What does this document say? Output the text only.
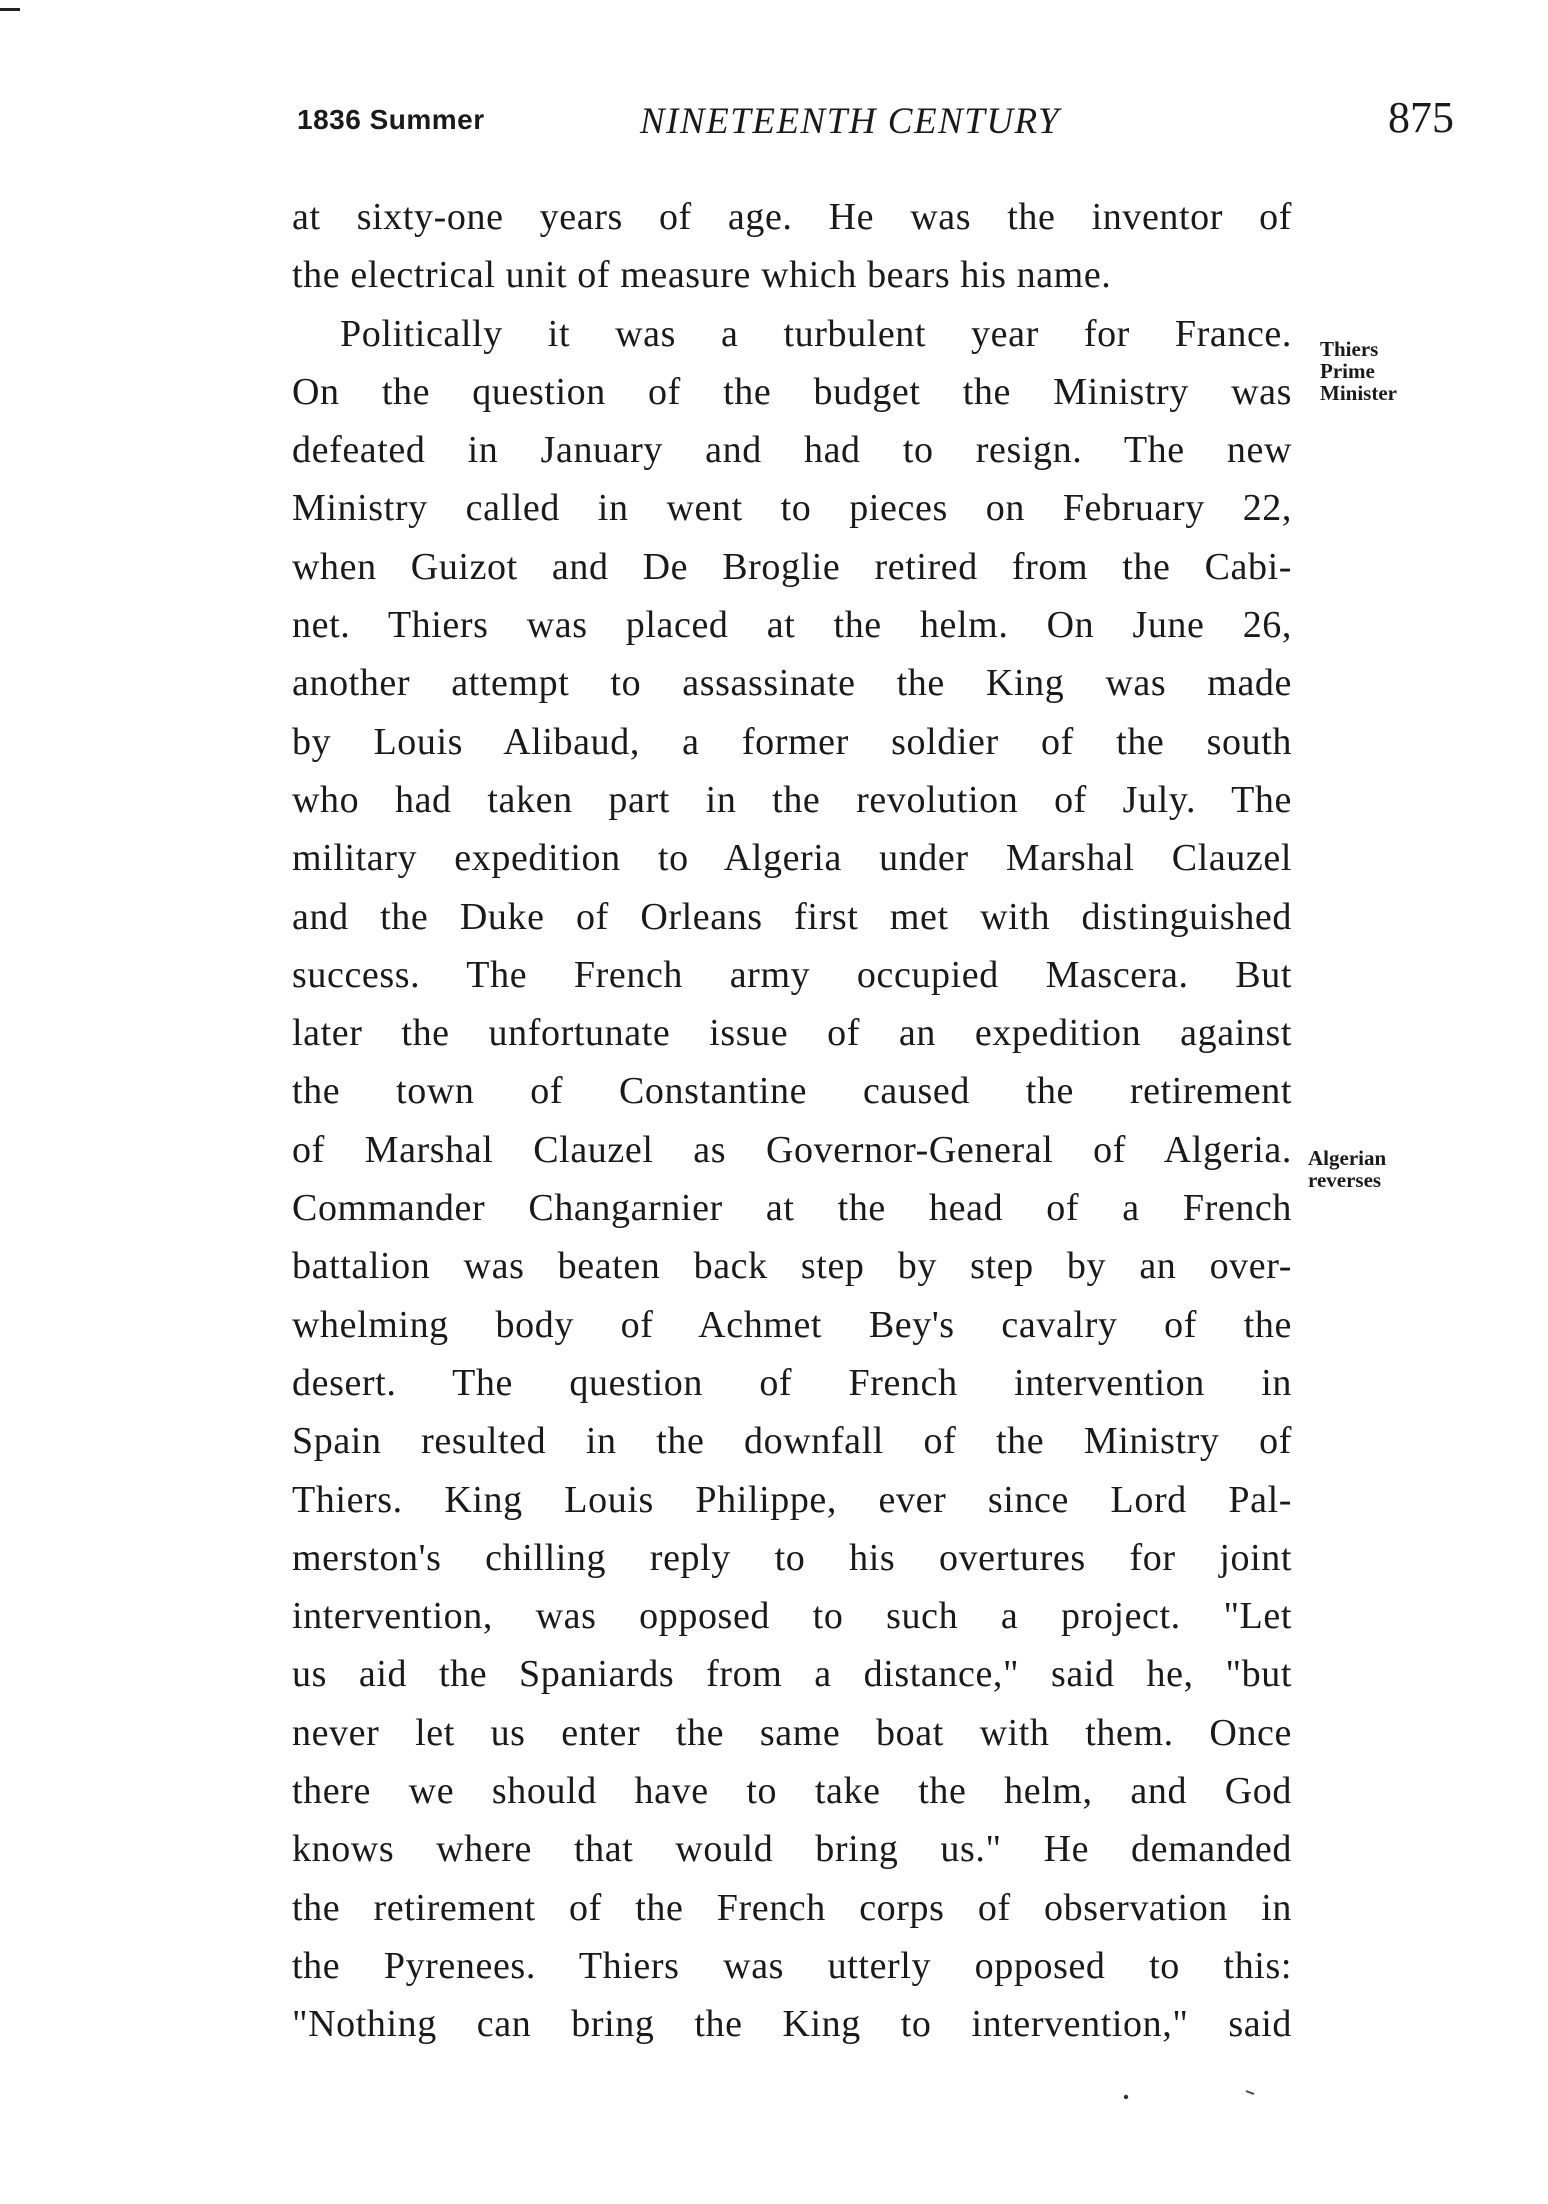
1836 Summer	NINETEENTH CENTURY	875
at sixty-one years of age. He was the inventor of
the electrical unit of measure which bears his name.
Politically it was a turbulent year for France.
On the question of the budget the Ministry was
defeated in January and had to resign. The new
Ministry called in went to pieces on February 22,
when Guizot and De Broglie retired from the Cabi-
net. Thiers was placed at the helm. On June 26,
another attempt to assassinate the King was made
by Louis Alibaud, a former soldier of the south
who had taken part in the revolution of July. The
military expedition to Algeria under Marshal Clauzel
and the Duke of Orleans first met with distinguished
success. The French army occupied Mascera. But
later the unfortunate issue of an expedition against
the town of Constantine caused the retirement
of Marshal Clauzel as Governor-General of Algeria.
Commander Changarnier at the head of a French
battalion was beaten back step by step by an over-
whelming body of Achmet Bey's cavalry of the
desert. The question of French intervention in
Spain resulted in the downfall of the Ministry of
Thiers. King Louis Philippe, ever since Lord Pal-
merston's chilling reply to his overtures for joint
intervention, was opposed to such a project. "Let
us aid the Spaniards from a distance," said he, "but
never let us enter the same boat with them. Once
there we should have to take the helm, and God
knows where that would bring us." He demanded
the retirement of the French corps of observation in
the Pyrenees. Thiers was utterly opposed to this:
"Nothing can bring the King to intervention," said
Thiers
Prime
Minister
Algerian
reverses
